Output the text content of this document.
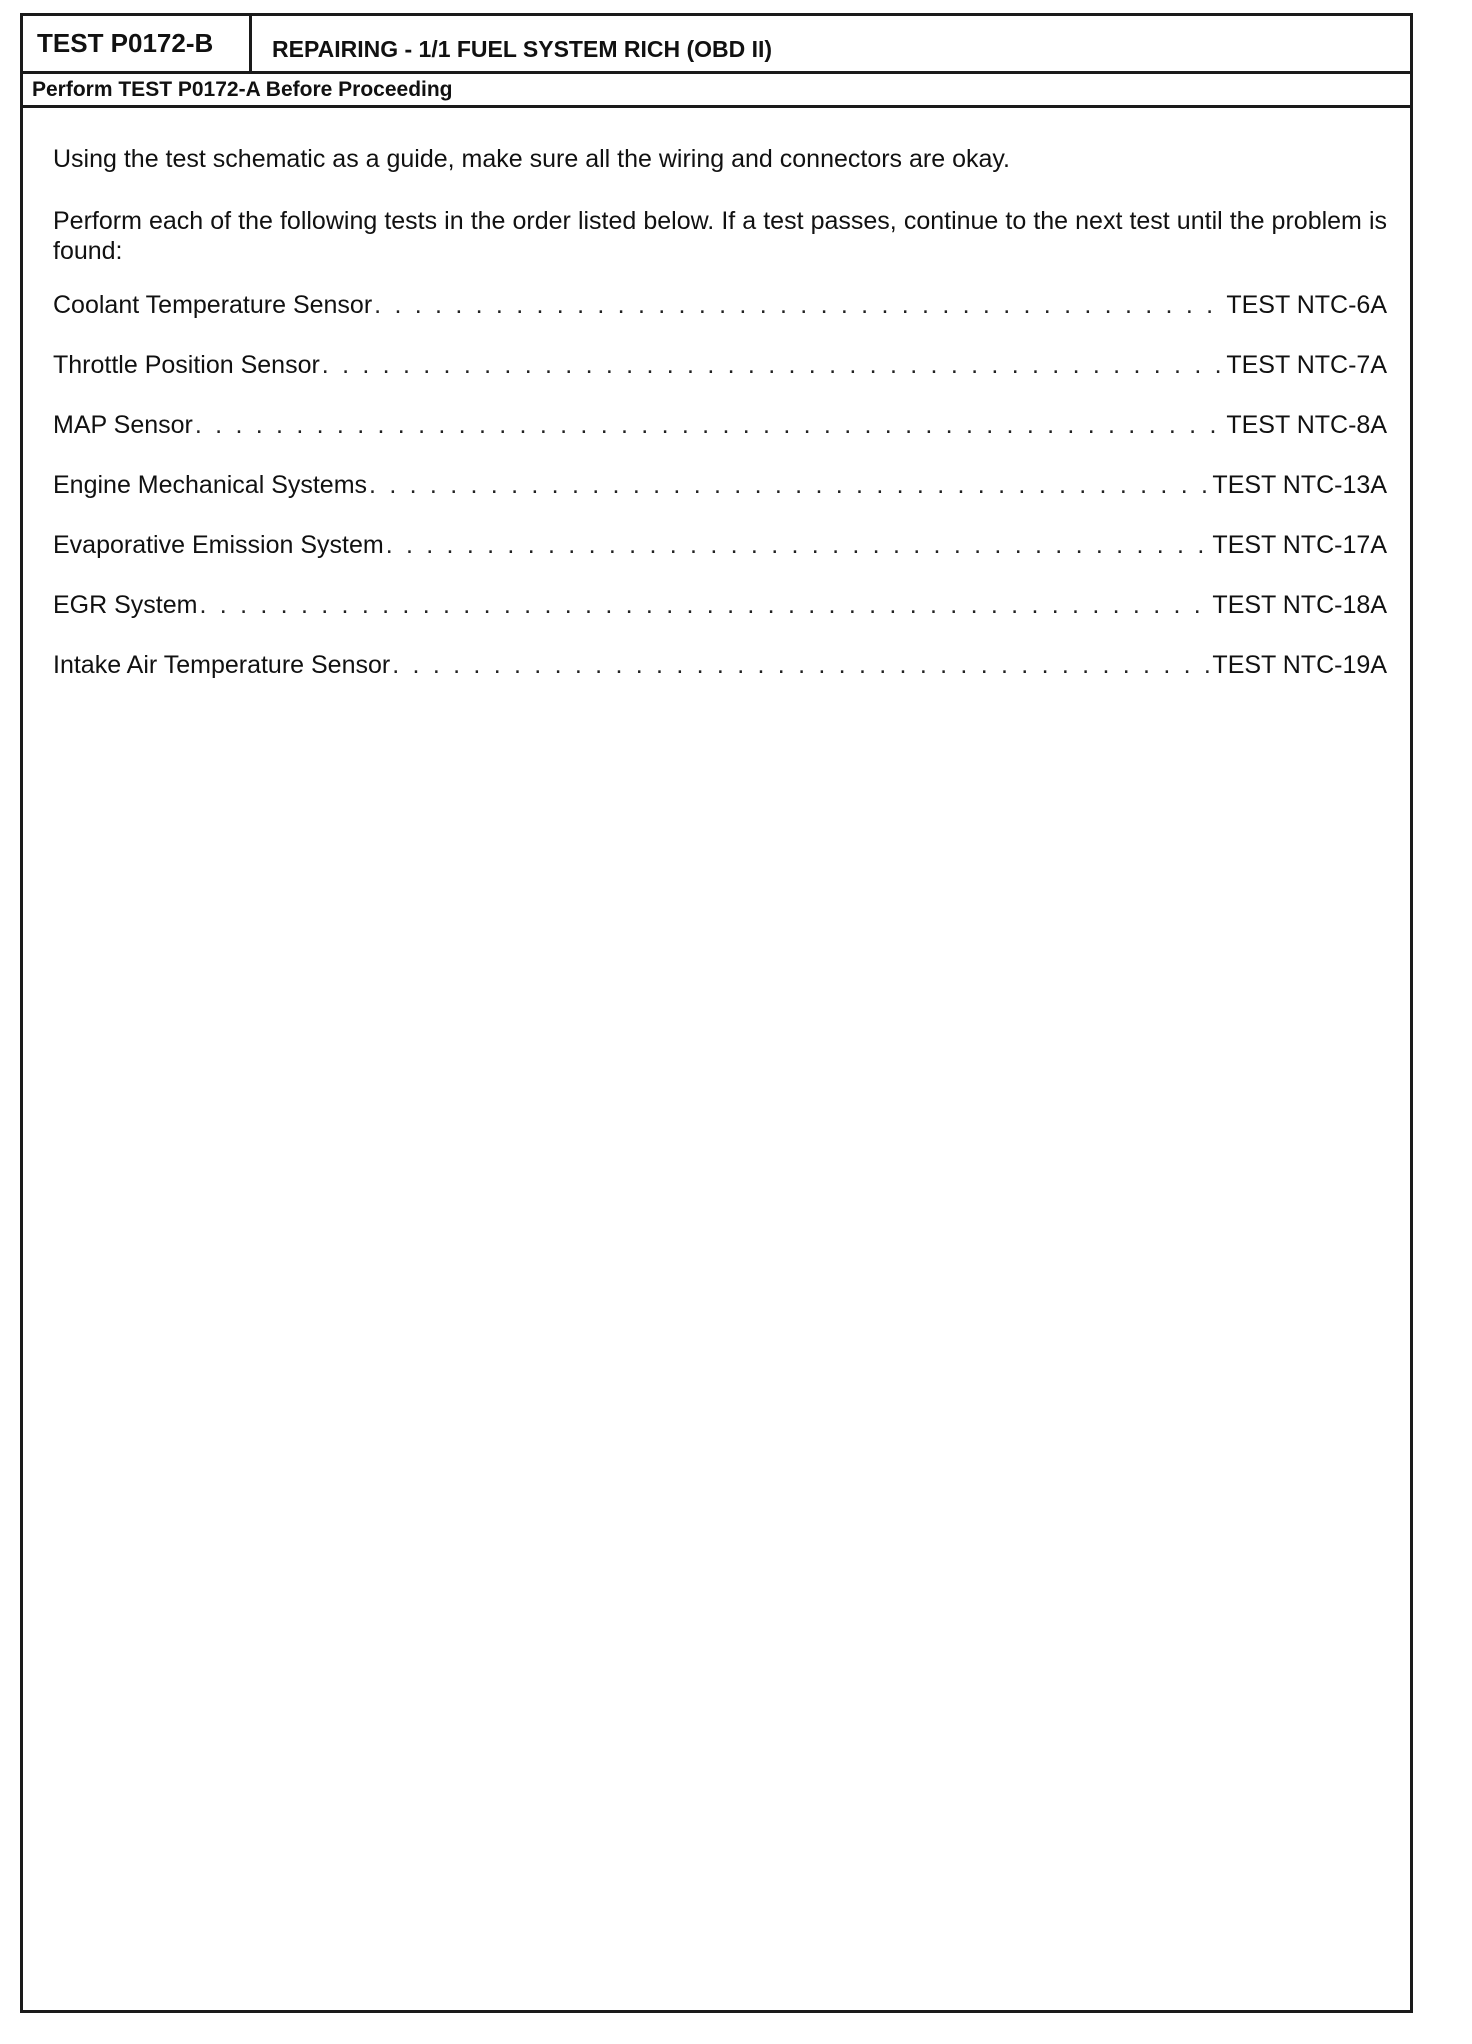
TEST P0172-B	REPAIRING - 1/1 FUEL SYSTEM RICH (OBD II)
Perform TEST P0172-A Before Proceeding

Using the test schematic as a guide, make sure all the wiring and connectors are okay.

Perform each of the following tests in the order listed below. If a test passes, continue to the next test until the problem is found:

Coolant Temperature Sensor . . .	TEST NTC-6A
Throttle Position Sensor . . .	TEST NTC-7A
MAP Sensor . . .	TEST NTC-8A
Engine Mechanical Systems . . .	TEST NTC-13A
Evaporative Emission System . . .	TEST NTC-17A
EGR System . . .	TEST NTC-18A
Intake Air Temperature Sensor . . .	TEST NTC-19A
